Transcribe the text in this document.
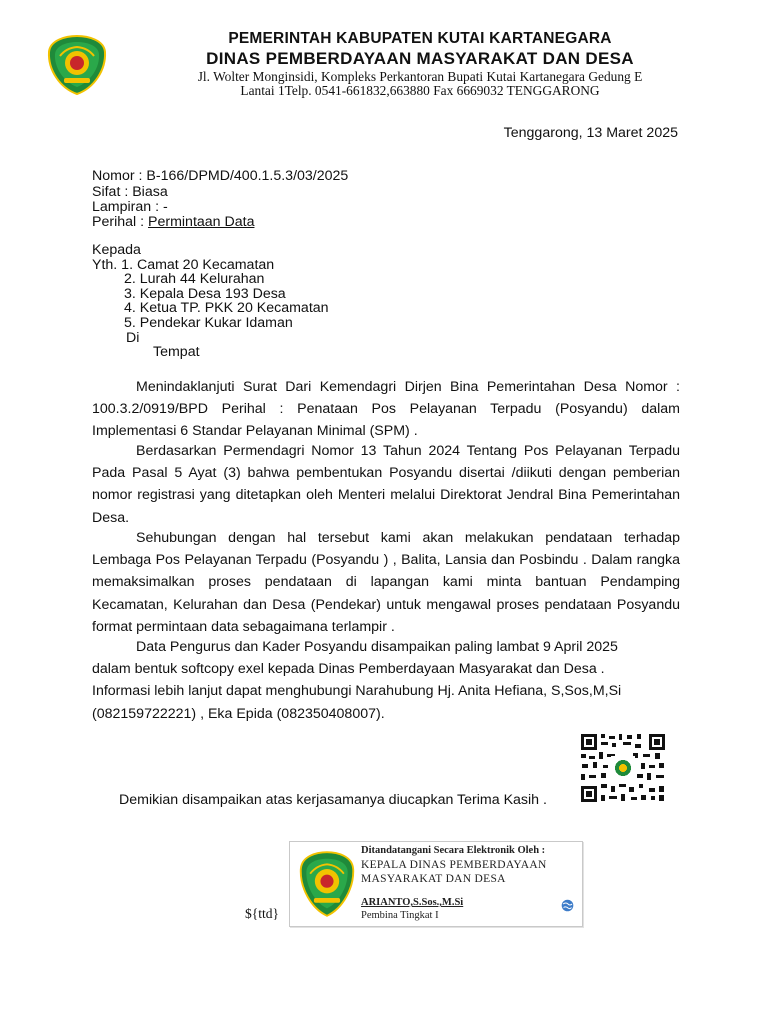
PEMERINTAH KABUPATEN KUTAI KARTANEGARA
DINAS PEMBERDAYAAN MASYARAKAT DAN DESA
Jl. Wolter Monginsidi, Kompleks Perkantoran Bupati Kutai Kartanegara Gedung E
Lantai 1Telp. 0541-661832,663880 Fax 6669032 TENGGARONG
Tenggarong, 13 Maret 2025
Nomor : B-166/DPMD/400.1.5.3/03/2025
Sifat : Biasa
Lampiran : -
Perihal : Permintaan Data
Kepada
Yth. 1. Camat 20 Kecamatan
2. Lurah 44 Kelurahan
3. Kepala Desa 193 Desa
4. Ketua TP. PKK 20 Kecamatan
5. Pendekar Kukar Idaman
Di
Tempat

Menindaklanjuti Surat Dari Kemendagri Dirjen Bina Pemerintahan Desa Nomor : 100.3.2/0919/BPD Perihal : Penataan Pos Pelayanan Terpadu (Posyandu) dalam Implementasi 6 Standar Pelayanan Minimal (SPM) .

Berdasarkan Permendagri Nomor 13 Tahun 2024 Tentang Pos Pelayanan Terpadu Pada Pasal 5 Ayat (3) bahwa pembentukan Posyandu disertai /diikuti dengan pemberian nomor registrasi yang ditetapkan oleh Menteri melalui Direktorat Jendral Bina Pemerintahan Desa.

Sehubungan dengan hal tersebut kami akan melakukan pendataan terhadap Lembaga Pos Pelayanan Terpadu (Posyandu ) , Balita, Lansia dan Posbindu . Dalam rangka memaksimalkan proses pendataan di lapangan kami minta bantuan Pendamping Kecamatan, Kelurahan dan Desa (Pendekar) untuk mengawal proses pendataan Posyandu format permintaan data sebagaimana terlampir .

Data Pengurus dan Kader Posyandu disampaikan paling lambat 9 April 2025
dalam bentuk softcopy exel kepada Dinas Pemberdayaan Masyarakat dan Desa .
Informasi lebih lanjut dapat menghubungi Narahubung Hj. Anita Hefiana, S,Sos,M,Si
(082159722221) , Eka Epida (082350408007).
Demikian disampaikan atas kerjasamanya diucapkan Terima Kasih .
Ditandatangani Secara Elektronik Oleh :
KEPALA DINAS PEMBERDAYAAN
MASYARAKAT DAN DESA
ARIANTO,S.Sos.,M.Si
Pembina Tingkat I
${ttd}
